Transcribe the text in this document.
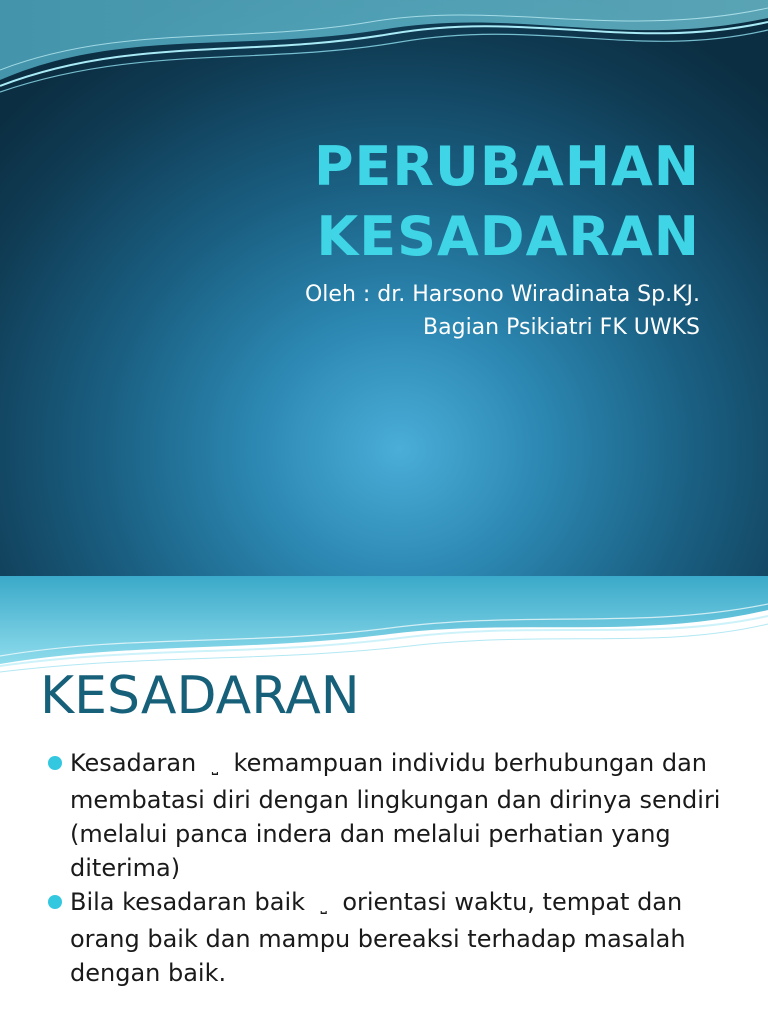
PERUBAHAN
KESADARAN
Oleh : dr. Harsono Wiradinata Sp.KJ.
Bagian Psikiatri FK UWKS
KESADARAN
Kesadaran ⎵ kemampuan individu berhubungan dan membatasi diri dengan lingkungan dan dirinya sendiri (melalui panca indera dan melalui perhatian yang diterima)
Bila kesadaran baik ⎵ orientasi waktu, tempat dan orang baik dan mampu bereaksi terhadap masalah dengan baik.
